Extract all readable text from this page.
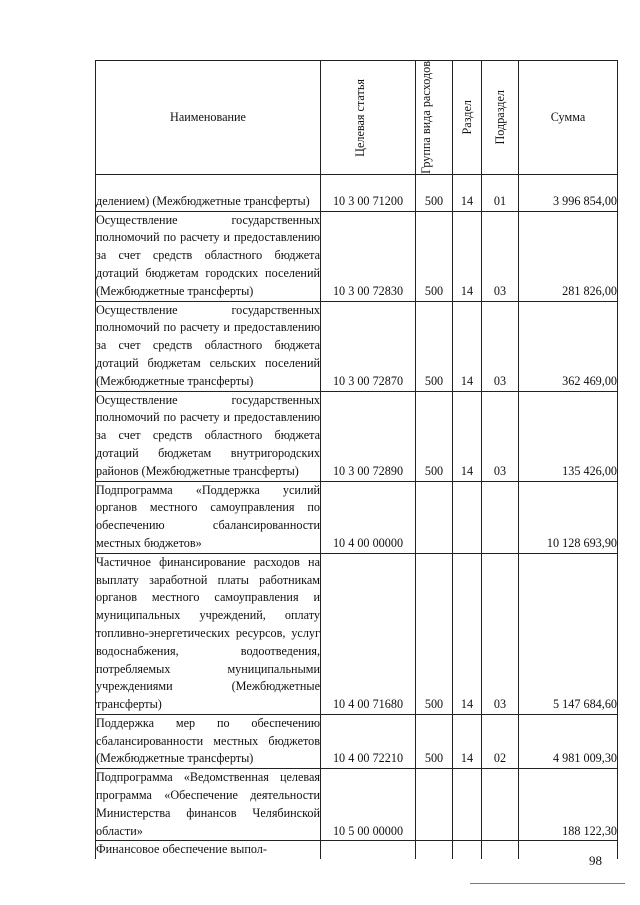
Наименование	Целевая статья	Группа вида расходов	Раздел	Подраздел	Сумма
делением) (Межбюджетные трансферты)	10 3 00 71200	500	14	01	3 996 854,00
Осуществление государственных полномочий по расчету и предоставлению за счет средств областного бюджета дотаций бюджетам городских поселений (Межбюджетные трансферты)	10 3 00 72830	500	14	03	281 826,00
Осуществление государственных полномочий по расчету и предоставлению за счет средств областного бюджета дотаций бюджетам сельских поселений (Межбюджетные трансферты)	10 3 00 72870	500	14	03	362 469,00
Осуществление государственных полномочий по расчету и предоставлению за счет средств областного бюджета дотаций бюджетам внутригородских районов (Межбюджетные трансферты)	10 3 00 72890	500	14	03	135 426,00
Подпрограмма «Поддержка усилий органов местного самоуправления по обеспечению сбалансированности местных бюджетов»	10 4 00 00000				10 128 693,90
Частичное финансирование расходов на выплату заработной платы работникам органов местного самоуправления и муниципальных учреждений, оплату топливно-энергетических ресурсов, услуг водоснабжения, водоотведения, потребляемых муниципальными учреждениями (Межбюджетные трансферты)	10 4 00 71680	500	14	03	5 147 684,60
Поддержка мер по обеспечению сбалансированности местных бюджетов (Межбюджетные трансферты)	10 4 00 72210	500	14	02	4 981 009,30
Подпрограмма «Ведомственная целевая программа «Обеспечение деятельности Министерства финансов Челябинской области»	10 5 00 00000				188 122,30
Финансовое обеспечение выпол-					
98
